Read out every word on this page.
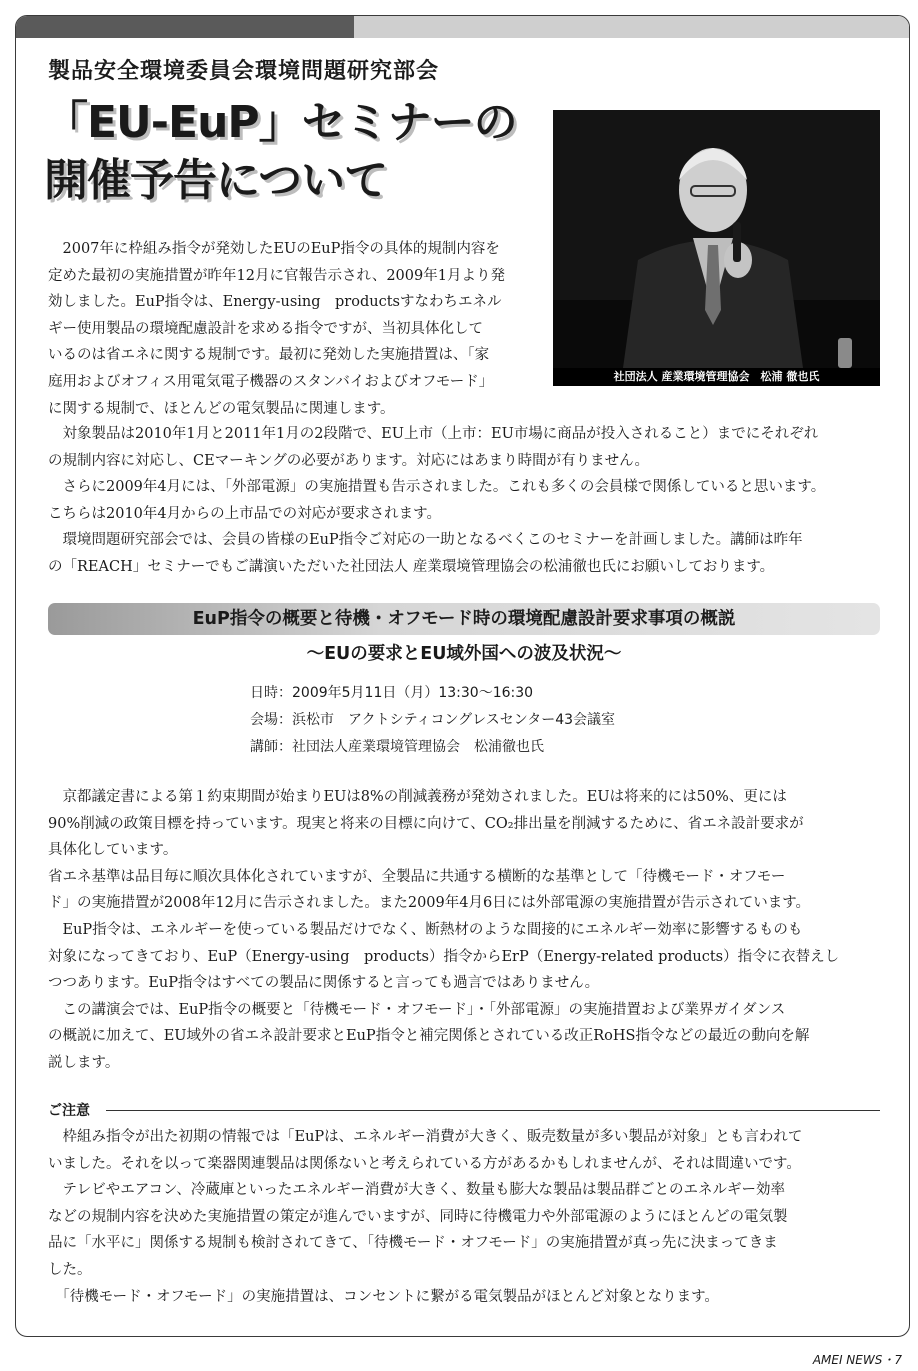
製品安全環境委員会環境問題研究部会
「EU-EuP」セミナーの
開催予告について
社団法人 産業環境管理協会　松浦 徹也氏
　2007年に枠組み指令が発効したEUのEuP指令の具体的規制内容を
定めた最初の実施措置が昨年12月に官報告示され、2009年1月より発
効しました。EuP指令は、Energy-using　productsすなわちエネル
ギー使用製品の環境配慮設計を求める指令ですが、当初具体化して
いるのは省エネに関する規制です。最初に発効した実施措置は、「家
庭用およびオフィス用電気電子機器のスタンバイおよびオフモード」
に関する規制で、ほとんどの電気製品に関連します。
　対象製品は2010年1月と2011年1月の2段階で、EU上市（上市：EU市場に商品が投入されること）までにそれぞれ
の規制内容に対応し、CEマーキングの必要があります。対応にはあまり時間が有りません。
　さらに2009年4月には、「外部電源」の実施措置も告示されました。これも多くの会員様で関係していると思います。
こちらは2010年4月からの上市品での対応が要求されます。
　環境問題研究部会では、会員の皆様のEuP指令ご対応の一助となるべくこのセミナーを計画しました。講師は昨年
の「REACH」セミナーでもご講演いただいた社団法人 産業環境管理協会の松浦徹也氏にお願いしております。
EuP指令の概要と待機・オフモード時の環境配慮設計要求事項の概説
～EUの要求とEU域外国への波及状況～
日時：2009年5月11日（月）13:30～16:30
会場：浜松市　アクトシティコングレスセンター43会議室
講師：社団法人産業環境管理協会　松浦徹也氏
　京都議定書による第１約束期間が始まりEUは8%の削減義務が発効されました。EUは将来的には50%、更には
90%削減の政策目標を持っています。現実と将来の目標に向けて、CO₂排出量を削減するために、省エネ設計要求が
具体化しています。
省エネ基準は品目毎に順次具体化されていますが、全製品に共通する横断的な基準として「待機モード・オフモー
ド」の実施措置が2008年12月に告示されました。また2009年4月6日には外部電源の実施措置が告示されています。
　EuP指令は、エネルギーを使っている製品だけでなく、断熱材のような間接的にエネルギー効率に影響するものも
対象になってきており、EuP（Energy-using　products）指令からErP（Energy-related products）指令に衣替えし
つつあります。EuP指令はすべての製品に関係すると言っても過言ではありません。
　この講演会では、EuP指令の概要と「待機モード・オフモード」・「外部電源」の実施措置および業界ガイダンス
の概説に加えて、EU域外の省エネ設計要求とEuP指令と補完関係とされている改正RoHS指令などの最近の動向を解
説します。
ご注意
　枠組み指令が出た初期の情報では「EuPは、エネルギー消費が大きく、販売数量が多い製品が対象」とも言われて
いました。それを以って楽器関連製品は関係ないと考えられている方があるかもしれませんが、それは間違いです。
　テレビやエアコン、冷蔵庫といったエネルギー消費が大きく、数量も膨大な製品は製品群ごとのエネルギー効率
などの規制内容を決めた実施措置の策定が進んでいますが、同時に待機電力や外部電源のようにほとんどの電気製
品に「水平に」関係する規制も検討されてきて、「待機モード・オフモード」の実施措置が真っ先に決まってきま
した。
　「待機モード・オフモード」の実施措置は、コンセントに繋がる電気製品がほとんど対象となります。
AMEI NEWS・7
